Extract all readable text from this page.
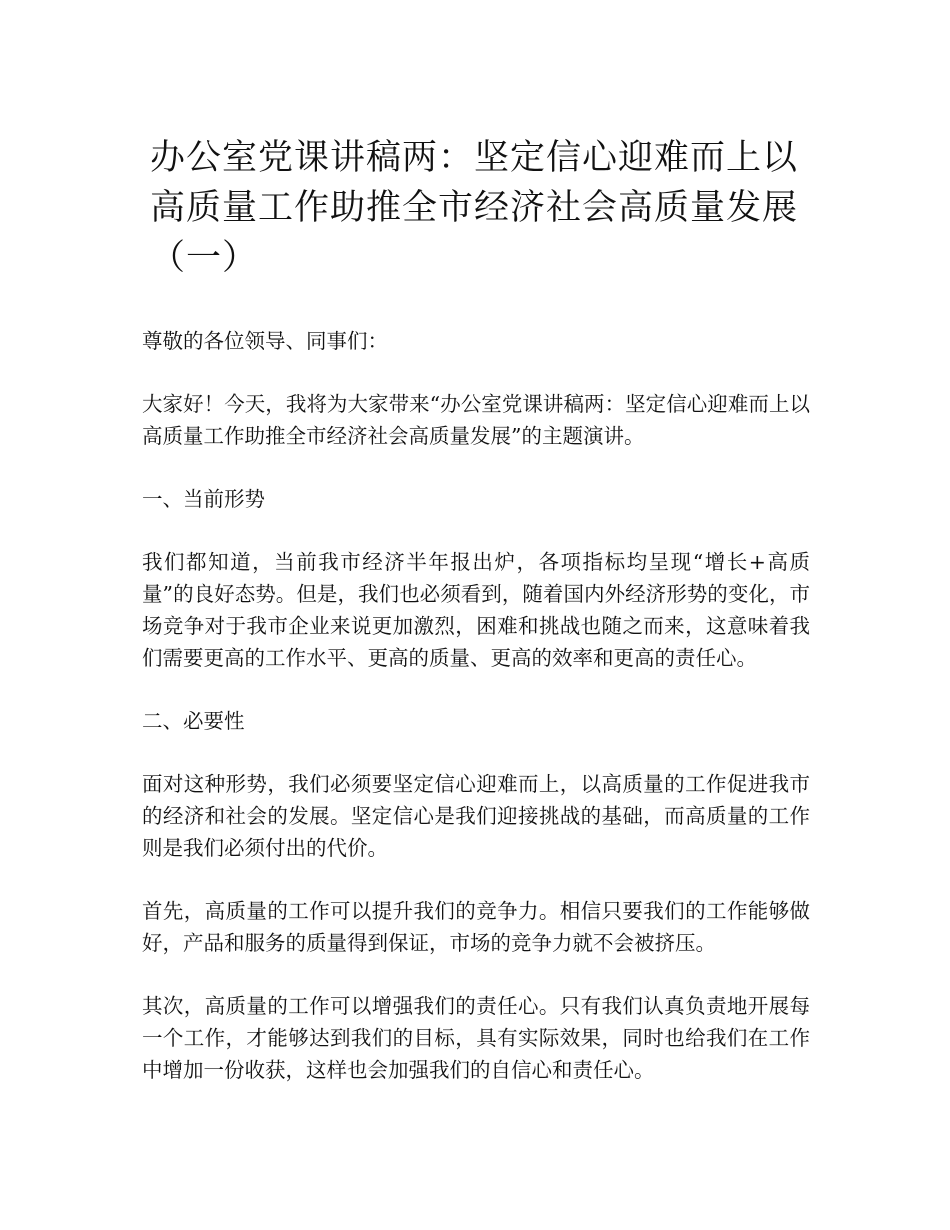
办公室党课讲稿两：坚定信心迎难而上以高质量工作助推全市经济社会高质量发展（一）

尊敬的各位领导、同事们：

大家好！今天，我将为大家带来“办公室党课讲稿两：坚定信心迎难而上以高质量工作助推全市经济社会高质量发展”的主题演讲。

一、当前形势

我们都知道，当前我市经济半年报出炉，各项指标均呈现“增长+高质量”的良好态势。但是，我们也必须看到，随着国内外经济形势的变化，市场竞争对于我市企业来说更加激烈，困难和挑战也随之而来，这意味着我们需要更高的工作水平、更高的质量、更高的效率和更高的责任心。

二、必要性

面对这种形势，我们必须要坚定信心迎难而上，以高质量的工作促进我市的经济和社会的发展。坚定信心是我们迎接挑战的基础，而高质量的工作则是我们必须付出的代价。

首先，高质量的工作可以提升我们的竞争力。相信只要我们的工作能够做好，产品和服务的质量得到保证，市场的竞争力就不会被挤压。

其次，高质量的工作可以增强我们的责任心。只有我们认真负责地开展每一个工作，才能够达到我们的目标，具有实际效果，同时也给我们在工作中增加一份收获，这样也会加强我们的自信心和责任心。
